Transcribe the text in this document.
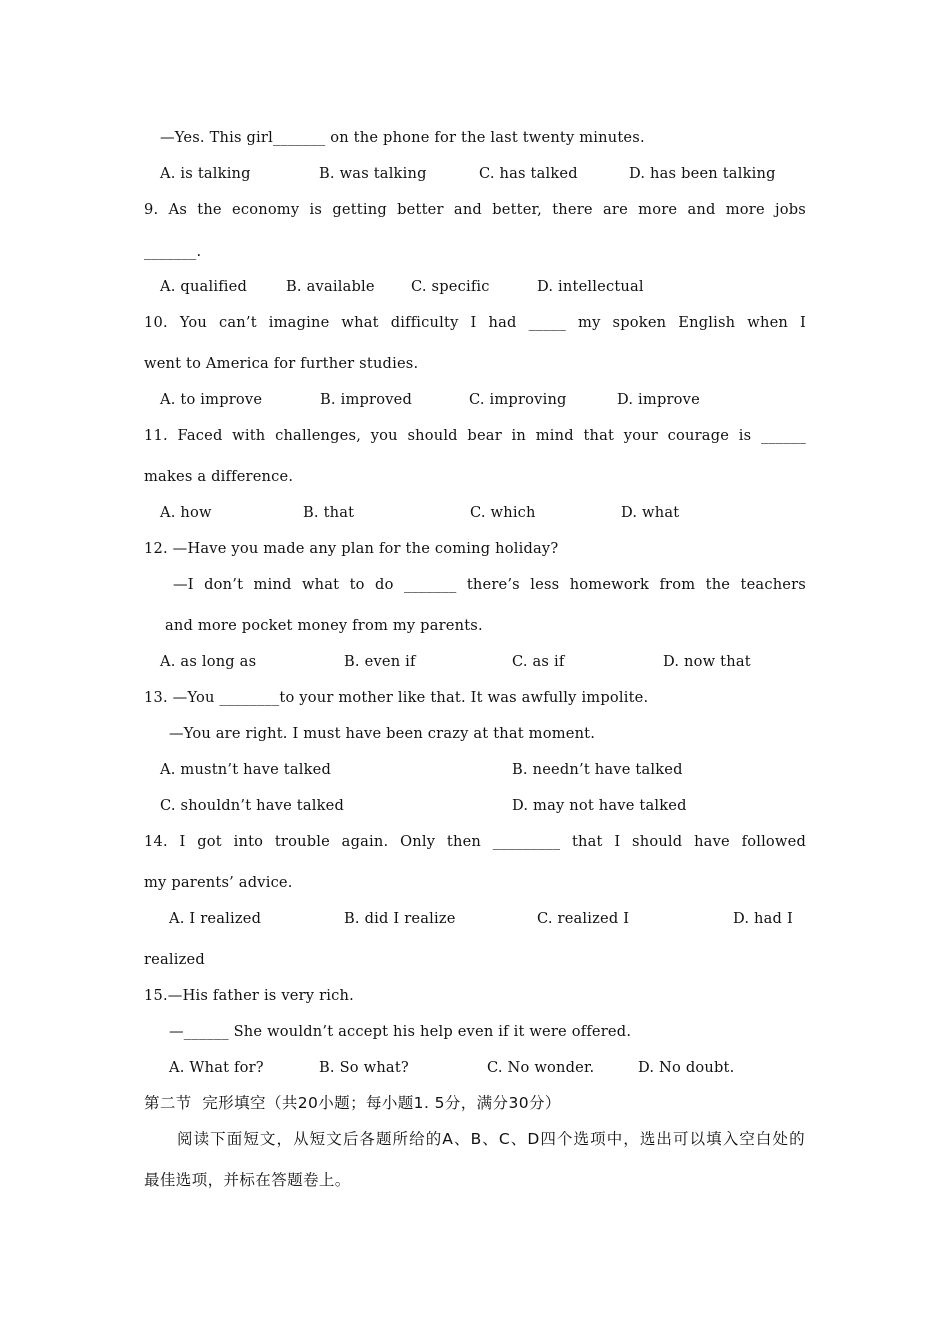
—Yes. This girl_______ on the phone for the last twenty minutes.
A. is talking	B. was talking	C. has talked	D. has been talking
9. As the economy is getting better and better, there are more and more jobs
_______.
A. qualified	B. available C. specific	D. intellectual
10. You can’t imagine what difficulty I had _____ my spoken English when I
went to America for further studies.
A. to improve	B. improved	C. improving	D. improve
11. Faced with challenges, you should bear in mind that your courage is ______
makes a difference.
A. how	B. that	C. which	D. what
12. —Have you made any plan for the coming holiday?
—I don’t mind what to do _______ there’s less homework from the teachers
and more pocket money from my parents.
A. as long as	B. even if	C. as if	D. now that
13. —You ________to your mother like that. It was awfully impolite.
—You are right. I must have been crazy at that moment.
A. mustn’t have talked	B. needn’t have talked
C. shouldn’t have talked	D. may not have talked
14. I got into trouble again. Only then _________ that I should have followed
my parents’ advice.
A. I realized	B. did I realize	C. realized I	D. had I
realized
15.—His father is very rich.
—______ She wouldn’t accept his help even if it were offered.
A. What for?	B. So what?	C. No wonder.	D. No doubt.
第二节  完形填空（共20小题；每小题1. 5分，满分30分）
阅读下面短文，从短文后各题所给的A、B、C、D四个选项中，选出可以填入空白处的
最佳选项，并标在答题卷上。
